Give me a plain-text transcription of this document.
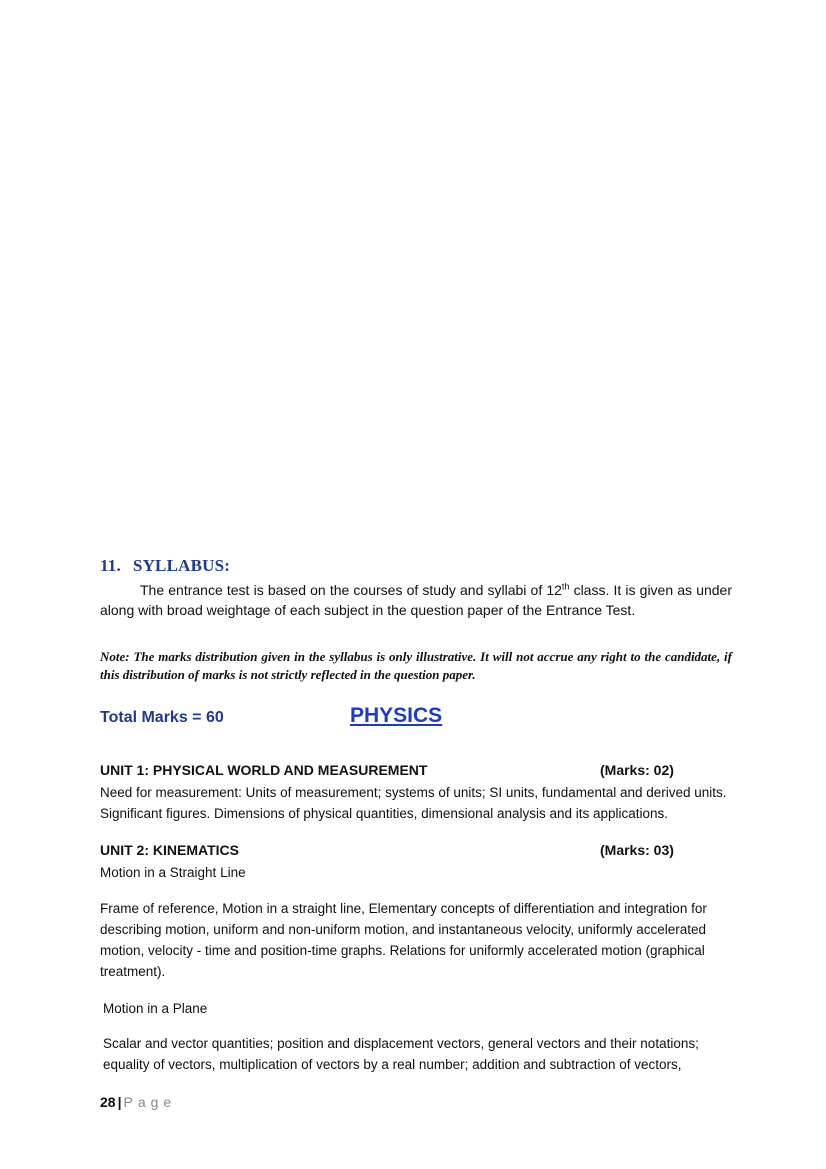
11. SYLLABUS:
The entrance test is based on the courses of study and syllabi of 12th class. It is given as under along with broad weightage of each subject in the question paper of the Entrance Test.
Note: The marks distribution given in the syllabus is only illustrative. It will not accrue any right to the candidate, if this distribution of marks is not strictly reflected in the question paper.
Total Marks = 60	PHYSICS
UNIT 1: PHYSICAL WORLD AND MEASUREMENT	(Marks: 02)
Need for measurement: Units of measurement; systems of units; SI units, fundamental and derived units. Significant figures. Dimensions of physical quantities, dimensional analysis and its applications.
UNIT 2: KINEMATICS	(Marks: 03)
Motion in a Straight Line
Frame of reference, Motion in a straight line, Elementary concepts of differentiation and integration for describing motion, uniform and non-uniform motion, and instantaneous velocity, uniformly accelerated motion, velocity - time and position-time graphs. Relations for uniformly accelerated motion (graphical treatment).
Motion in a Plane
Scalar and vector quantities; position and displacement vectors, general vectors and their notations; equality of vectors, multiplication of vectors by a real number; addition and subtraction of vectors,
28 | Page
